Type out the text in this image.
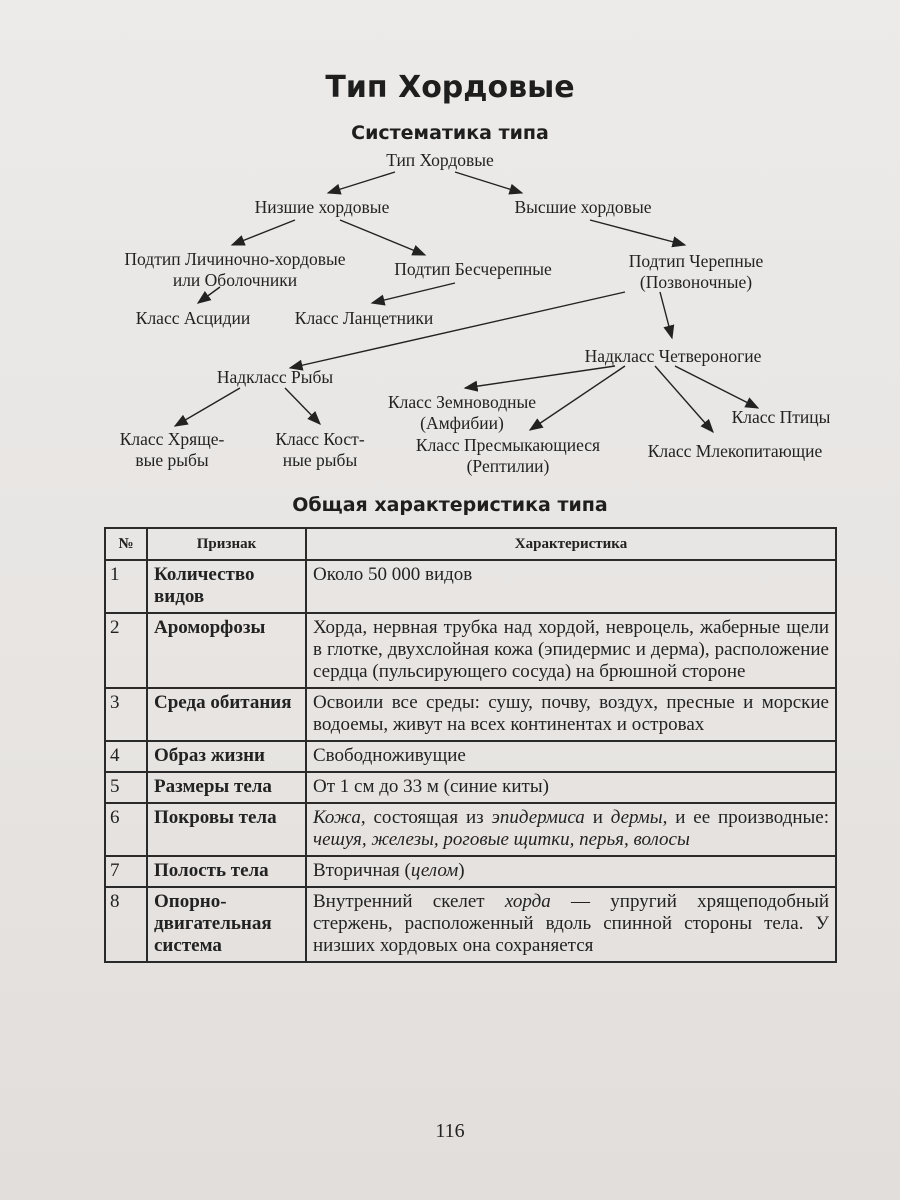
Тип Хордовые
Систематика типа
Тип Хордовые
Низшие хордовые	Высшие хордовые
Подтип Личиночно-хордовые
или Оболочники
Подтип Бесчерепные	Подтип Черепные
(Позвоночные)
Класс Асцидии	Класс Ланцетники
Надкласс Четвероногие
Надкласс Рыбы
Класс Земноводные
(Амфибии)	Класс Птицы
Класс Пресмыкающиеся
(Рептилии)
Класс Млекопитающие
Класс Хряще-
вые рыбы
Класс Кост-
ные рыбы
Общая характеристика типа
№	Признак	Характеристика
1	Количество видов	Около 50 000 видов
2	Ароморфозы	Хорда, нервная трубка над хордой, невроцель, жаберные щели в глотке, двухслойная кожа (эпидермис и дерма), расположение сердца (пульсирующего сосуда) на брюшной стороне
3	Среда обитания	Освоили все среды: сушу, почву, воздух, пресные и морские водоемы, живут на всех континентах и островах
4	Образ жизни	Свободноживущие
5	Размеры тела	От 1 см до 33 м (синие киты)
6	Покровы тела	Кожа, состоящая из эпидермиса и дермы, и ее производные: чешуя, железы, роговые щитки, перья, волосы
7	Полость тела	Вторичная (целом)
8	Опорно-двигательная система	Внутренний скелет хорда — упругий хрящеподобный стержень, расположенный вдоль спинной стороны тела. У низших хордовых она сохраняется
116
